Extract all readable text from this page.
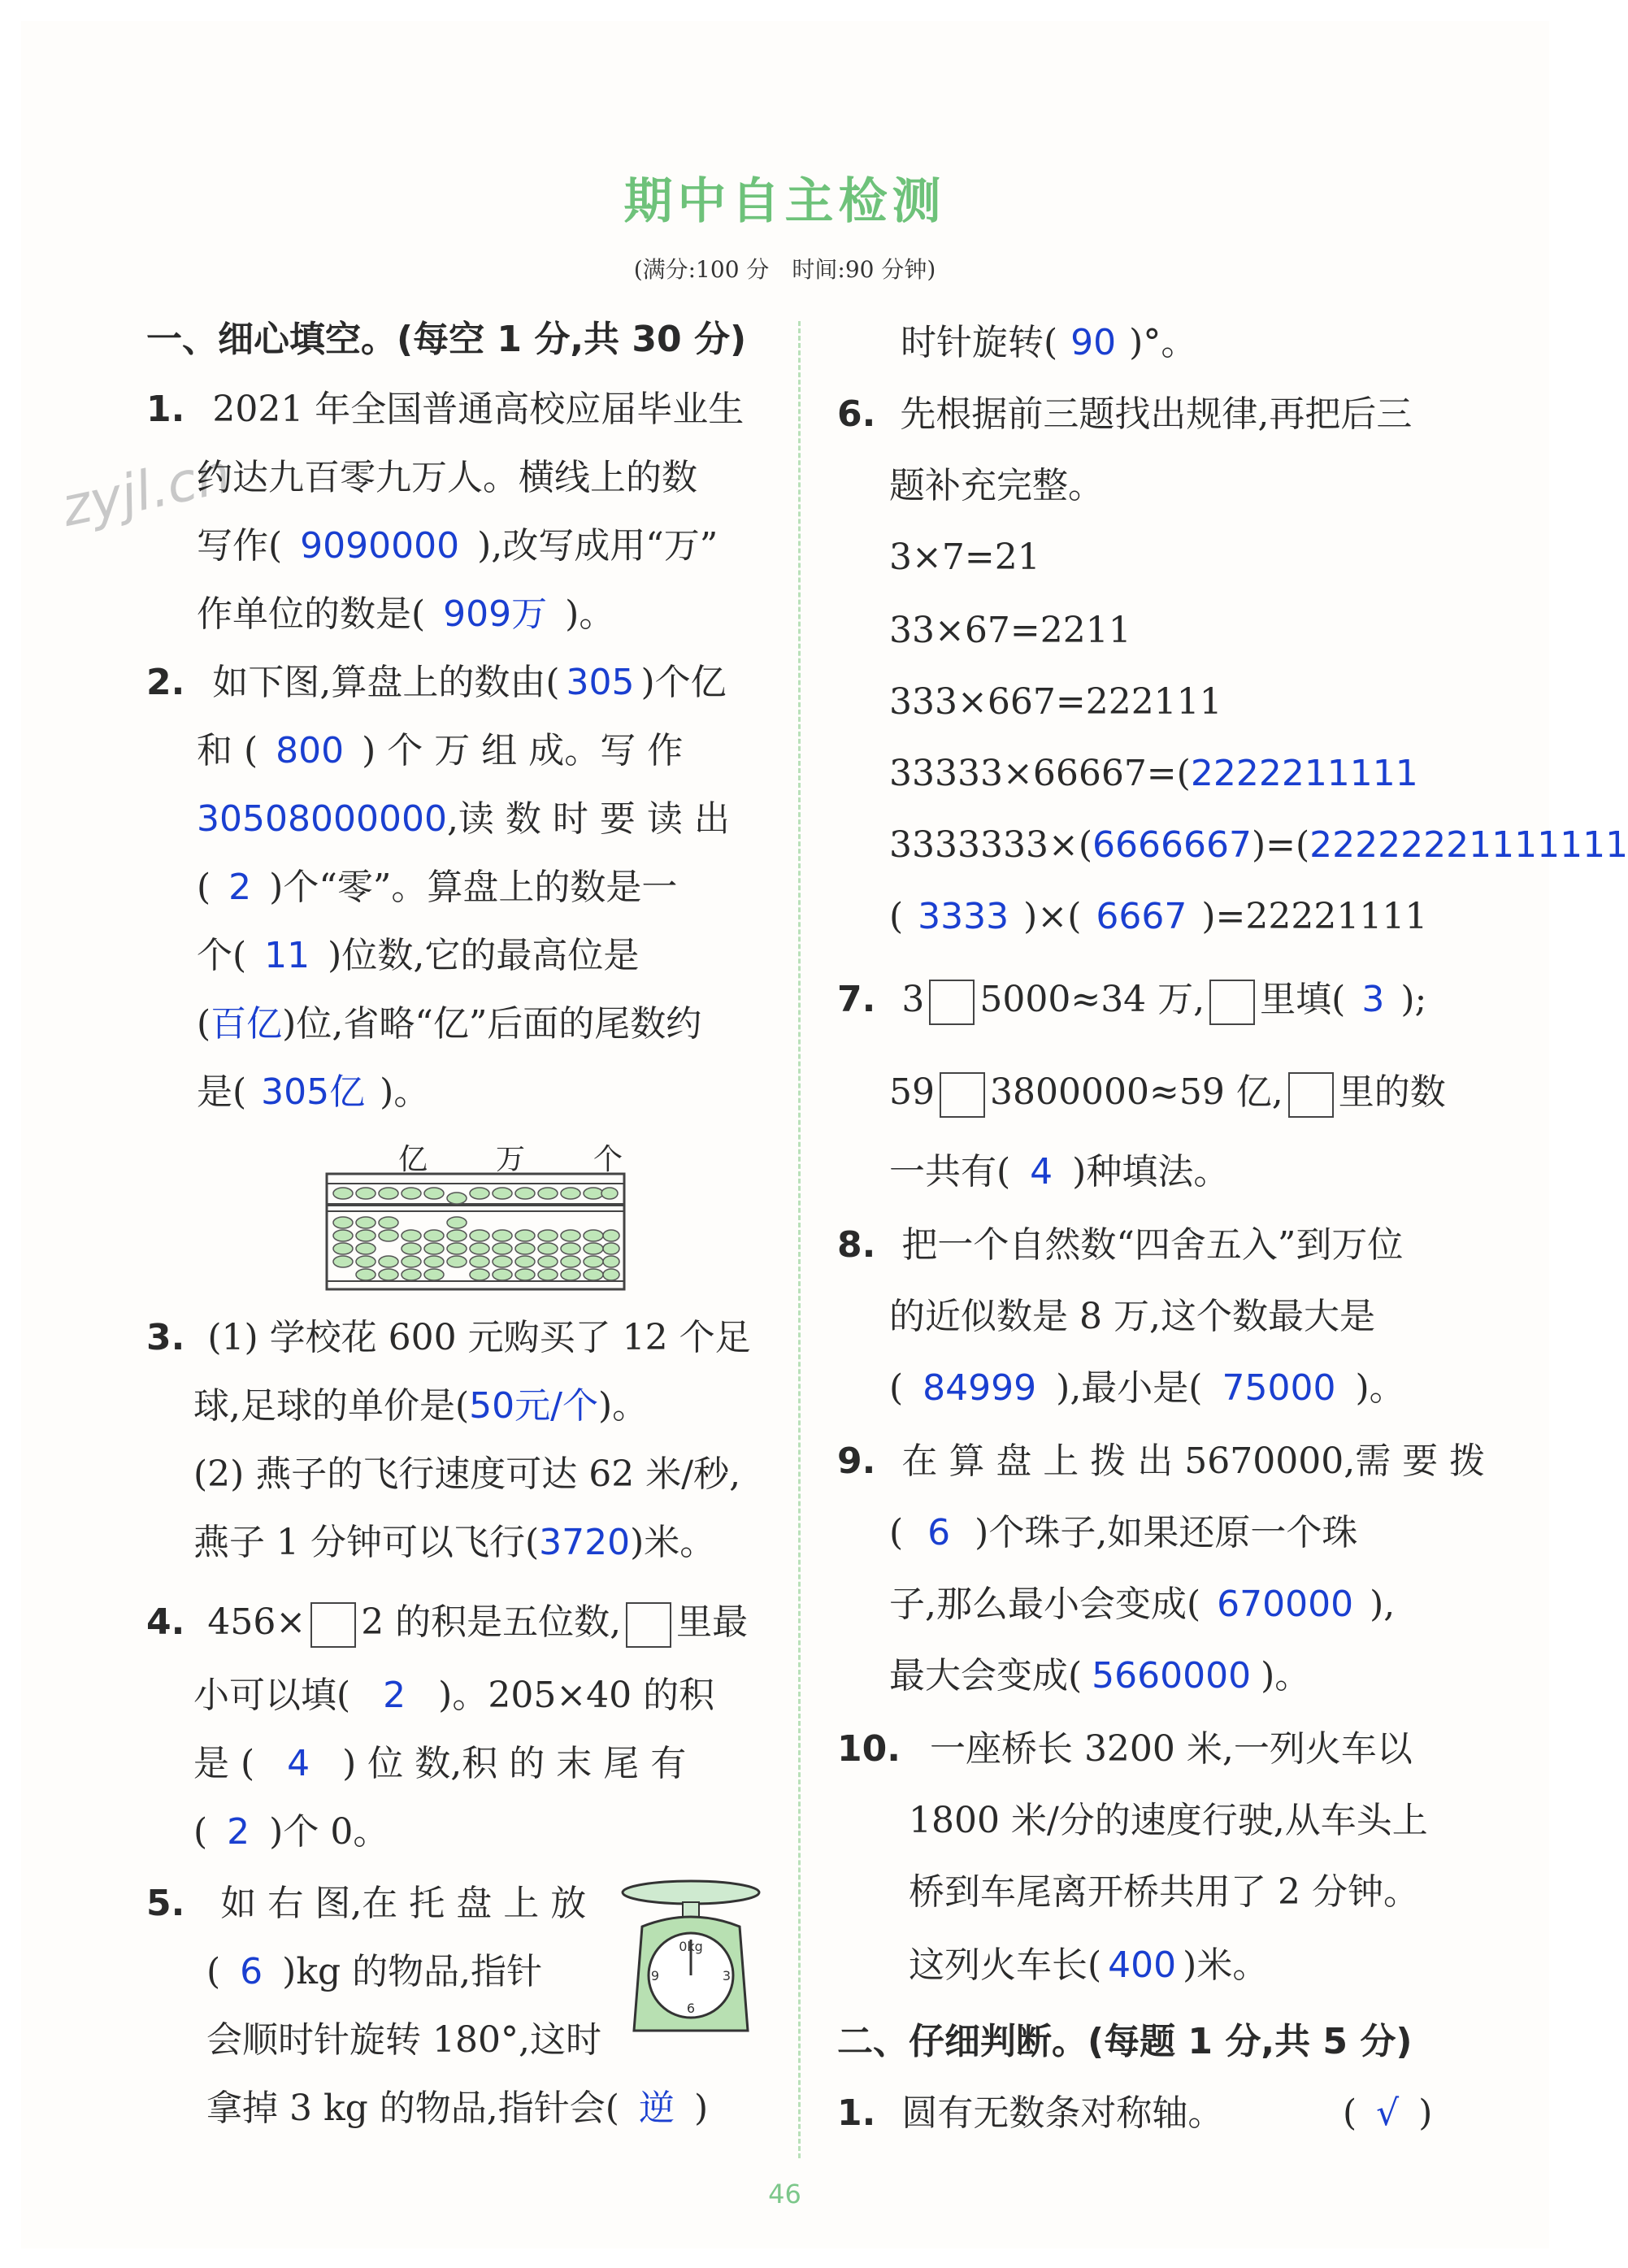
zyjl.cn
期中自主检测
(满分:100 分　时间:90 分钟)
一、细心填空。(每空 1 分,共 30 分)
1. 2021 年全国普通高校应届毕业生
约达九百零九万人。横线上的数
写作( 9090000 ),改写成用“万”
作单位的数是( 909万 )。
2. 如下图,算盘上的数由( 305 )个亿
和 ( 800 ) 个 万 组 成。写 作
30508000000,读 数 时 要 读 出
( 2 )个“零”。算盘上的数是一
个( 11 )位数,它的最高位是
(百亿)位,省略“亿”后面的尾数约
是( 305亿 )。
亿 万 个
3. (1) 学校花 600 元购买了 12 个足
球,足球的单价是(50元/个)。
(2) 燕子的飞行速度可达 62 米/秒,
燕子 1 分钟可以飞行(3720)米。
4. 456× 2 的积是五位数, 里最
小可以填( 2 )。205×40 的积
是 ( 4 ) 位 数,积 的 末 尾 有
( 2 )个 0。
5. 如 右 图,在 托 盘 上 放
( 6 )kg 的物品,指针
会顺时针旋转 180°,这时
拿掉 3 kg 的物品,指针会( 逆 )
0kg
9	3
6
时针旋转( 90 )°。
6. 先根据前三题找出规律,再把后三
题补充完整。
3×7=21
33×67=2211
333×667=222111
33333×66667=(2222211111
3333333×(6666667)=(22222221111111
( 3333 )×( 6667 )=22221111
7. 3 5000≈34 万, 里填( 3 );
59 3800000≈59 亿, 里的数
一共有( 4 )种填法。
8. 把一个自然数“四舍五入”到万位
的近似数是 8 万,这个数最大是
( 84999 ),最小是( 75000 )。
9. 在 算 盘 上 拨 出 5670000,需 要 拨
( 6 )个珠子,如果还原一个珠
子,那么最小会变成( 670000 ),
最大会变成( 5660000 )。
10. 一座桥长 3200 米,一列火车以
1800 米/分的速度行驶,从车头上
桥到车尾离开桥共用了 2 分钟。
这列火车长( 400 )米。
二、仔细判断。(每题 1 分,共 5 分)
1. 圆有无数条对称轴。	( √ )
46
